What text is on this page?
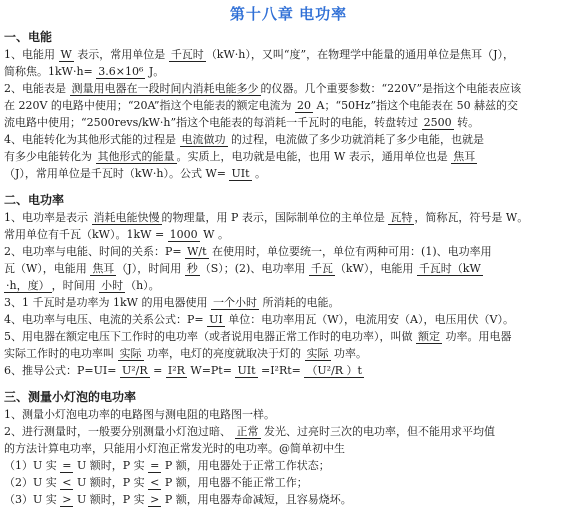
第十八章 电功率
一、电能
1、电能用 W 表示，常用单位是 千瓦时 （kW·h），又叫“度”，在物理学中能量的通用单位是焦耳（J），
简称焦。1kW·h= 3.6×10⁶ J。
2、电能表是 测量用电器在一段时间内消耗电能多少 的仪器。几个重要参数：“220V”是指这个电能表应该
在 220V 的电路中使用；“20A”指这个电能表的额定电流为 20 A；“50Hz”指这个电能表在 50 赫兹的交
流电路中使用；“2500revs/kW·h”指这个电能表的每消耗一千瓦时的电能，转盘转过 2500 转。
4、电能转化为其他形式能的过程是 电流做功 的过程，电流做了多少功就消耗了多少电能，也就是
有多少电能转化为 其他形式的能量 。实质上，电功就是电能，也用 W 表示，通用单位也是 焦耳
（J），常用单位是千瓦时（kW·h）。公式 W= UIt 。
二、电功率
1、电功率是表示 消耗电能快慢 的物理量，用 P 表示，国际制单位的主单位是 瓦特 ，简称瓦，符号是 W。
常用单位有千瓦（kW）。1kW = 1000 W 。
2、电功率与电能、时间的关系：P= W/t 在使用时，单位要统一，单位有两种可用：(1)、电功率用
瓦（W），电能用 焦耳 （J），时间用 秒 （S）；(2)、电功率用 千瓦 （kW），电能用 千瓦时（kW
·h，度） ，时间用 小时 （h）。
3、1 千瓦时是功率为 1kW 的用电器使用 一个小时 所消耗的电能。
4、电功率与电压、电流的关系公式：P= UI 单位：电功率用瓦（W），电流用安（A），电压用伏（V）。
5、用电器在额定电压下工作时的电功率（或者说用电器正常工作时的电功率），叫做 额定 功率。用电器
实际工作时的电功率叫 实际 功率，电灯的亮度就取决于灯的 实际 功率。
6、推导公式：P=UI= U²/R = I²R W=Pt= UIt =I²Rt= （U²/R ）t
三、测量小灯泡的电功率
1、测量小灯泡电功率的电路图与测电阻的电路图一样。
2、进行测量时，一般要分别测量小灯泡过暗、 正常 发光、过亮时三次的电功率，但不能用求平均值
的方法计算电功率，只能用小灯泡正常发光时的电功率。@简单初中生
（1）U 实 = U 额时，P 实 = P 额，用电器处于正常工作状态；
（2）U 实 < U 额时，P 实 < P 额，用电器不能正常工作；
（3）U 实 > U 额时，P 实 > P 额，用电器寿命减短，且容易烧坏。
